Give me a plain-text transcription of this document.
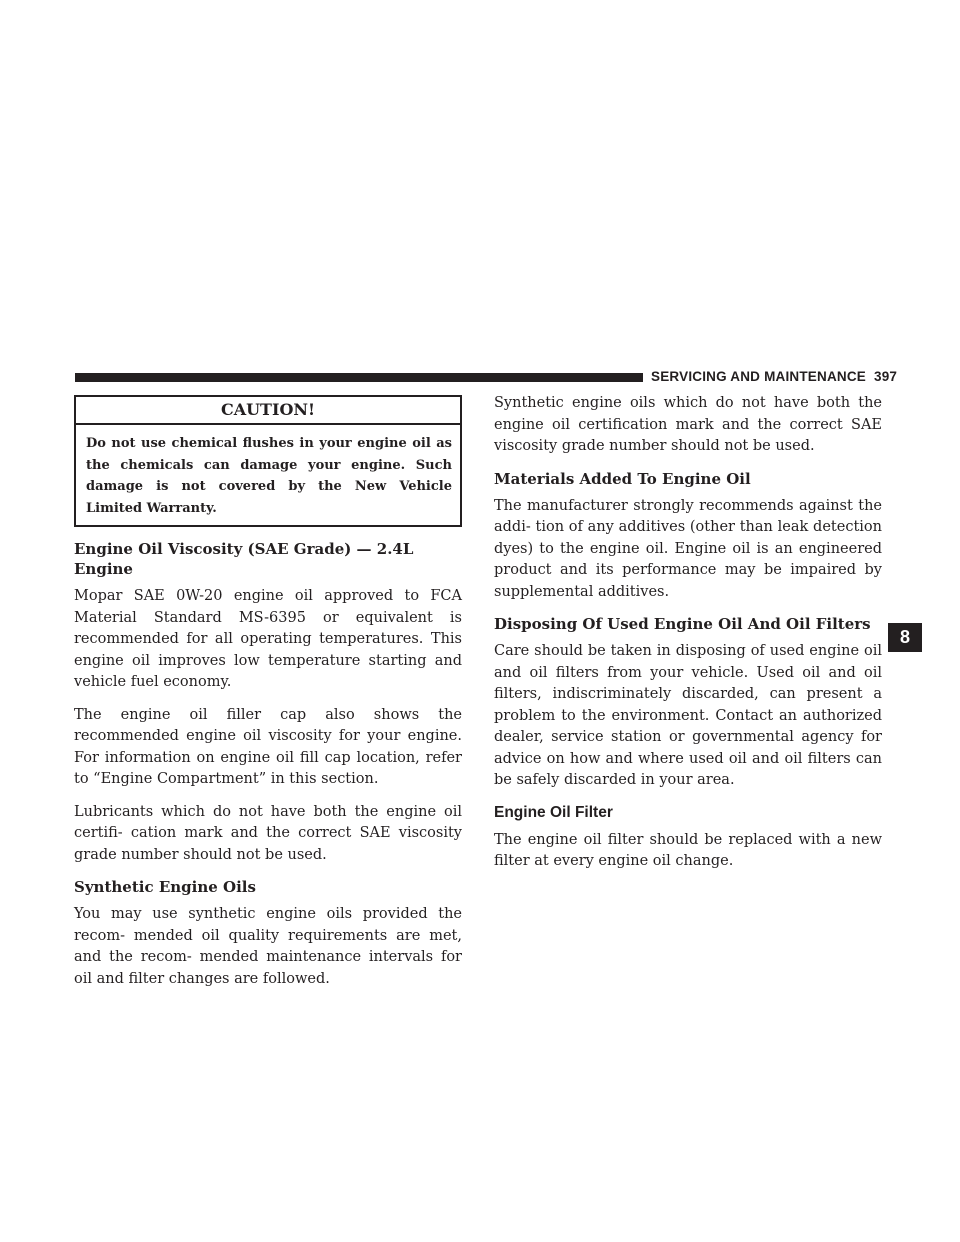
SERVICING AND MAINTENANCE 397
CAUTION!
Do not use chemical flushes in your engine oil as the chemicals can damage your engine. Such damage is not covered by the New Vehicle Limited Warranty.
Engine Oil Viscosity (SAE Grade) — 2.4L Engine

Mopar SAE 0W-20 engine oil approved to FCA Material Standard MS-6395 or equivalent is recommended for all operating temperatures. This engine oil improves low temperature starting and vehicle fuel economy.

The engine oil filler cap also shows the recommended engine oil viscosity for your engine. For information on engine oil fill cap location, refer to “Engine Compartment” in this section.

Lubricants which do not have both the engine oil certifi- cation mark and the correct SAE viscosity grade number should not be used.

Synthetic Engine Oils

You may use synthetic engine oils provided the recom- mended oil quality requirements are met, and the recom- mended maintenance intervals for oil and filter changes are followed.

Synthetic engine oils which do not have both the engine oil certification mark and the correct SAE viscosity grade number should not be used.

Materials Added To Engine Oil

The manufacturer strongly recommends against the addi- tion of any additives (other than leak detection dyes) to the engine oil. Engine oil is an engineered product and its performance may be impaired by supplemental additives.

Disposing Of Used Engine Oil And Oil Filters

Care should be taken in disposing of used engine oil and oil filters from your vehicle. Used oil and oil filters, indiscriminately discarded, can present a problem to the environment. Contact an authorized dealer, service station or governmental agency for advice on how and where used oil and oil filters can be safely discarded in your area.

Engine Oil Filter

The engine oil filter should be replaced with a new filter at every engine oil change.

8
